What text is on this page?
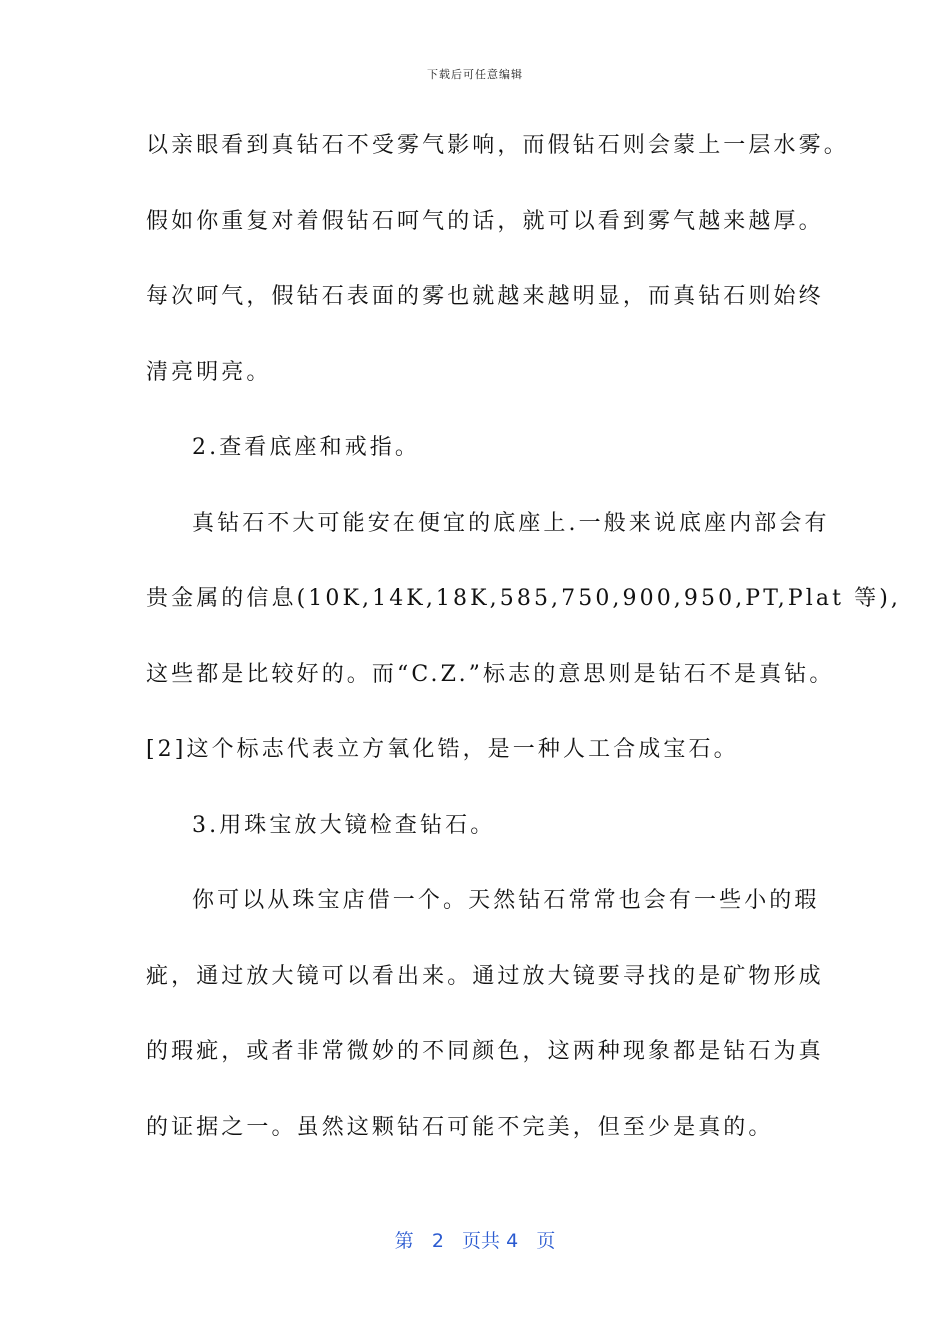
下载后可任意编辑
以亲眼看到真钻石不受雾气影响，而假钻石则会蒙上一层水雾。
假如你重复对着假钻石呵气的话，就可以看到雾气越来越厚。
每次呵气，假钻石表面的雾也就越来越明显，而真钻石则始终
清亮明亮。
2.查看底座和戒指。
真钻石不大可能安在便宜的底座上.一般来说底座内部会有
贵金属的信息(10K,14K,18K,585,750,900,950,PT,Plat 等),
这些都是比较好的。而“C.Z.”标志的意思则是钻石不是真钻。
[2]这个标志代表立方氧化锆，是一种人工合成宝石。
3.用珠宝放大镜检查钻石。
你可以从珠宝店借一个。天然钻石常常也会有一些小的瑕
疵，通过放大镜可以看出来。通过放大镜要寻找的是矿物形成
的瑕疵，或者非常微妙的不同颜色，这两种现象都是钻石为真
的证据之一。虽然这颗钻石可能不完美，但至少是真的。
第 2 页共 4 页
